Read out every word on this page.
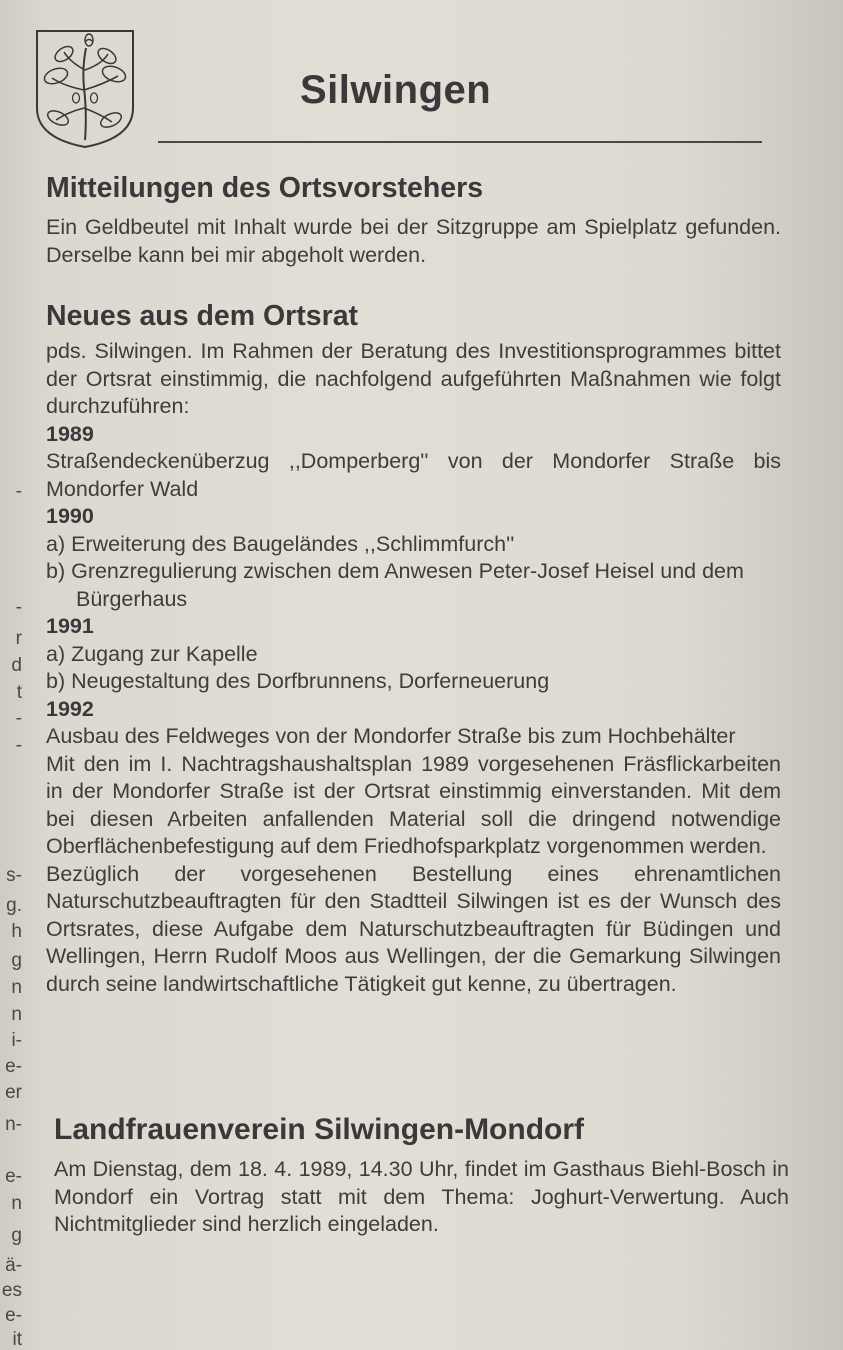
-
-
r
d
t
-
-
s-
g.
h
g
n
n
i-
e-
er
n-
e-
n
g
ä-
es
e-
it
Silwingen
Mitteilungen des Ortsvorstehers

Ein Geldbeutel mit Inhalt wurde bei der Sitzgruppe am Spielplatz gefunden. Derselbe kann bei mir abgeholt werden.

Neues aus dem Ortsrat

pds. Silwingen. Im Rahmen der Beratung des Investitionsprogrammes bittet der Ortsrat einstimmig, die nachfolgend aufgeführten Maßnahmen wie folgt durchzuführen:

1989

Straßendeckenüberzug ,,Domperberg'' von der Mondorfer Straße bis Mondorfer Wald

1990
a) Erweiterung des Baugeländes ,,Schlimmfurch''
b) Grenzregulierung zwischen dem Anwesen Peter-Josef Heisel und dem Bürgerhaus
1991
a) Zugang zur Kapelle
b) Neugestaltung des Dorfbrunnens, Dorferneuerung
1992

Ausbau des Feldweges von der Mondorfer Straße bis zum Hochbehälter

Mit den im I. Nachtragshaushaltsplan 1989 vorgesehenen Fräsflickarbeiten in der Mondorfer Straße ist der Ortsrat einstimmig einverstanden. Mit dem bei diesen Arbeiten anfallenden Material soll die dringend notwendige Oberflächenbefestigung auf dem Friedhofsparkplatz vorgenommen werden.

Bezüglich der vorgesehenen Bestellung eines ehrenamtlichen Naturschutzbeauftragten für den Stadtteil Silwingen ist es der Wunsch des Ortsrates, diese Aufgabe dem Naturschutzbeauftragten für Büdingen und Wellingen, Herrn Rudolf Moos aus Wellingen, der die Gemarkung Silwingen durch seine landwirtschaftliche Tätigkeit gut kenne, zu übertragen.

Landfrauenverein Silwingen-Mondorf

Am Dienstag, dem 18. 4. 1989, 14.30 Uhr, findet im Gasthaus Biehl-Bosch in Mondorf ein Vortrag statt mit dem Thema: Joghurt-Verwertung. Auch Nichtmitglieder sind herzlich eingeladen.
